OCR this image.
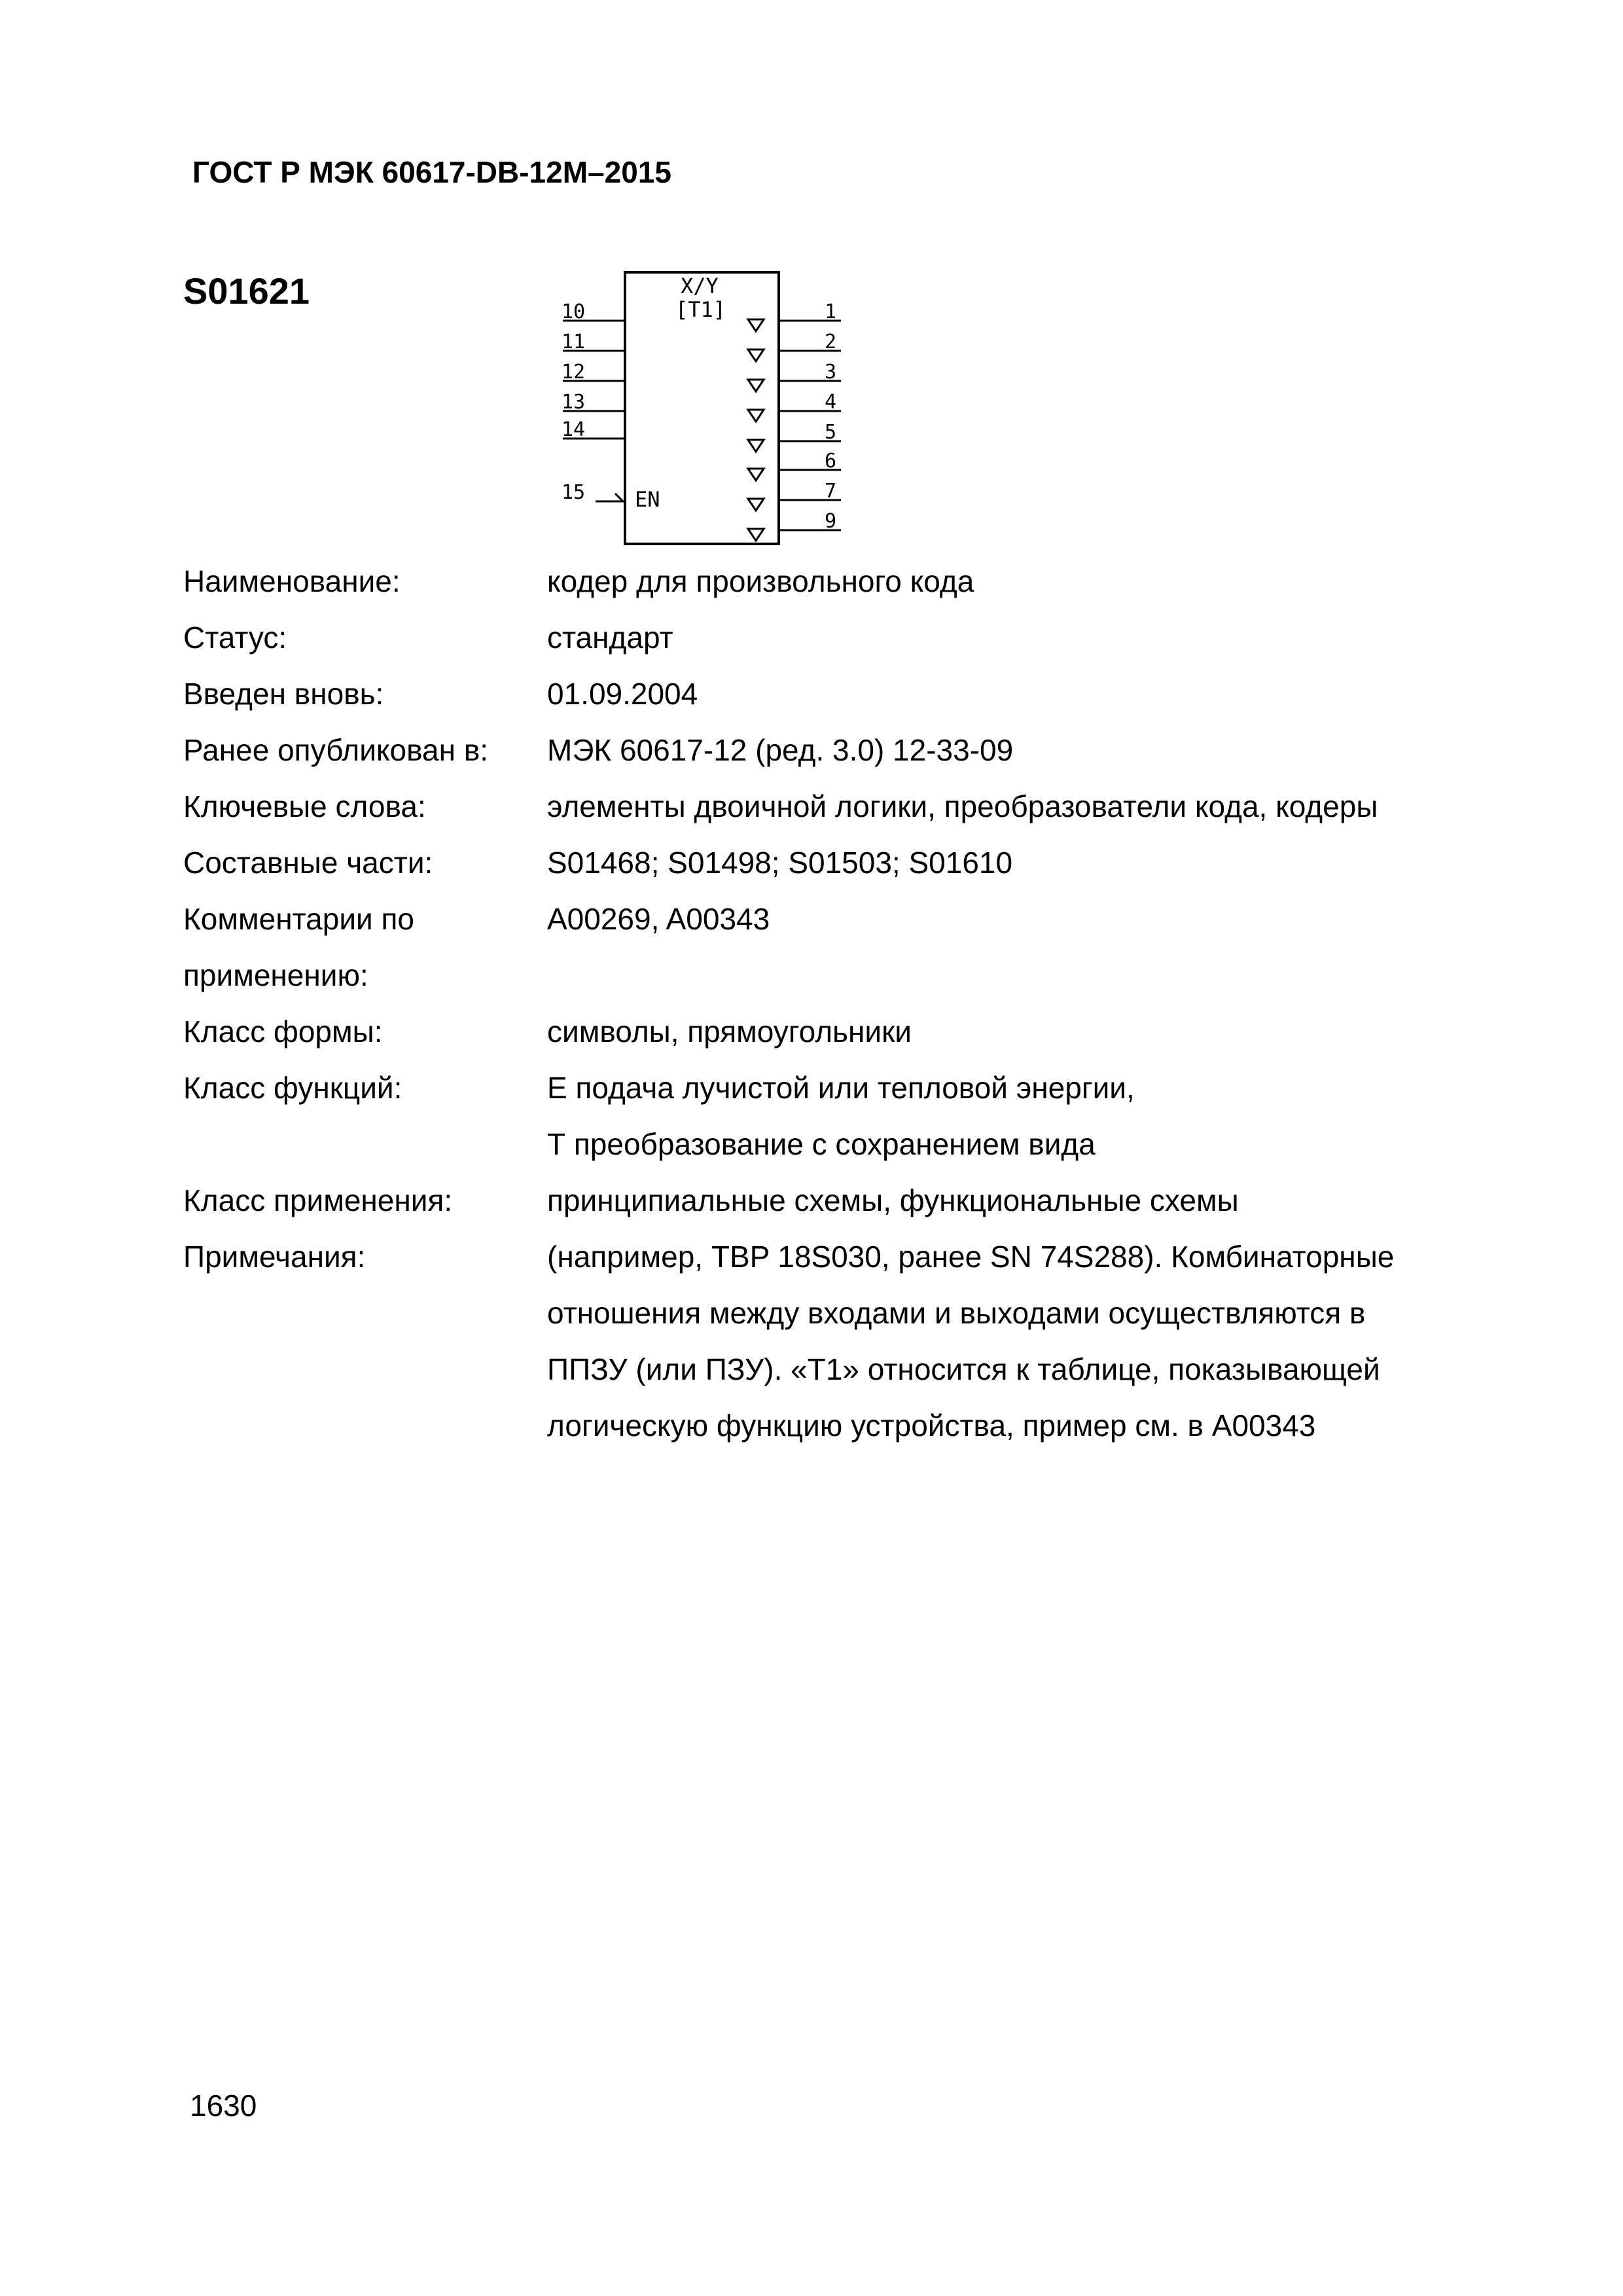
ГОСТ Р МЭК 60617-DB-12M–2015
S01621	X/Y
[T1]
EN
10
11
12
13
14
15
1
2
3
4
5
6
7
9
Наименование:	кодер для произвольного кода
Статус:	стандарт
Введен вновь:	01.09.2004
Ранее опубликован в:	МЭК 60617-12 (ред. 3.0) 12-33-09
Ключевые слова:	элементы двоичной логики, преобразователи кода, кодеры
Составные части:	S01468; S01498; S01503; S01610
Комментарии по	A00269, A00343
применению:

Класс формы:	символы, прямоугольники
Класс функций:	Е подача лучистой или тепловой энергии,
Т преобразование с сохранением вида
Класс применения:	принципиальные схемы, функциональные схемы
Примечания:	(например, TBP 18S030, ранее SN 74S288). Комбинаторные
отношения между входами и выходами осуществляются в
ППЗУ (или ПЗУ). «T1» относится к таблице, показывающей
логическую функцию устройства, пример см. в A00343
1630
